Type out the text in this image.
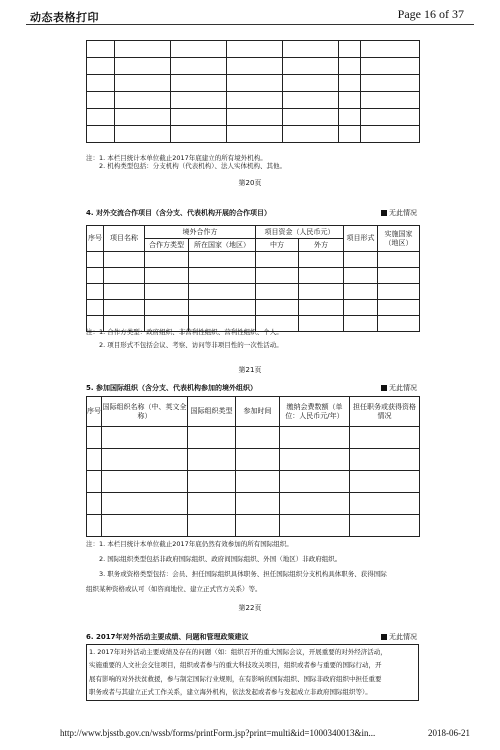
动态表格打印	Page 16 of 37

注：1. 本栏目统计本单位截止2017年底建立的所有境外机构。
2. 机构类型包括：分支机构（代表机构）、法人实体机构、其他。
第20页
4. 对外交流合作项目（含分支、代表机构开展的合作项目）	无此情况
序号	项目名称	境外合作方		项目资金（人民币元）		项目形式	实施国家（地区）
		合作方类型	所在国家（地区）	中方	外方		

注：1. 合作方类型：政府组织、非营利性组织、营利性组织、个人。
2. 项目形式不包括会议、考察、访问等非项目性的一次性活动。
第21页
5. 参加国际组织（含分支、代表机构参加的境外组织）	无此情况
序号	国际组织名称（中、英文全称）	国际组织类型	参加时间	缴纳会费数额（单位：人民币元/年）	担任职务或获得资格情况

注：1. 本栏目统计本单位截止2017年底仍然有效参加的所有国际组织。
2. 国际组织类型包括非政府国际组织、政府间国际组织、外国（地区）非政府组织。
3. 职务或资格类型包括：会员、担任国际组织具体职务、担任国际组织分支机构具体职务、获得国际
组织某种资格或认可（如咨商地位、建立正式官方关系）等。
第22页
6. 2017年对外活动主要成绩、问题和管理政策建议	无此情况
1. 2017年对外活动主要成绩及存在的问题（如：组织召开的重大国际会议，开展重要的对外经济活动，
实施重要的人文社会交往项目，组织或者参与的重大科技攻关项目，组织或者参与重要的国际行动，开
展有影响的对外扶贫救援，参与制定国际行业规则，在有影响的国际组织、国际非政府组织中担任重要
职务或者与其建立正式工作关系，建立海外机构，依法发起或者参与发起成立非政府国际组织等）。
http://www.bjsstb.gov.cn/wssb/forms/printForm.jsp?print=multi&id=1000340013&in...	2018-06-21
